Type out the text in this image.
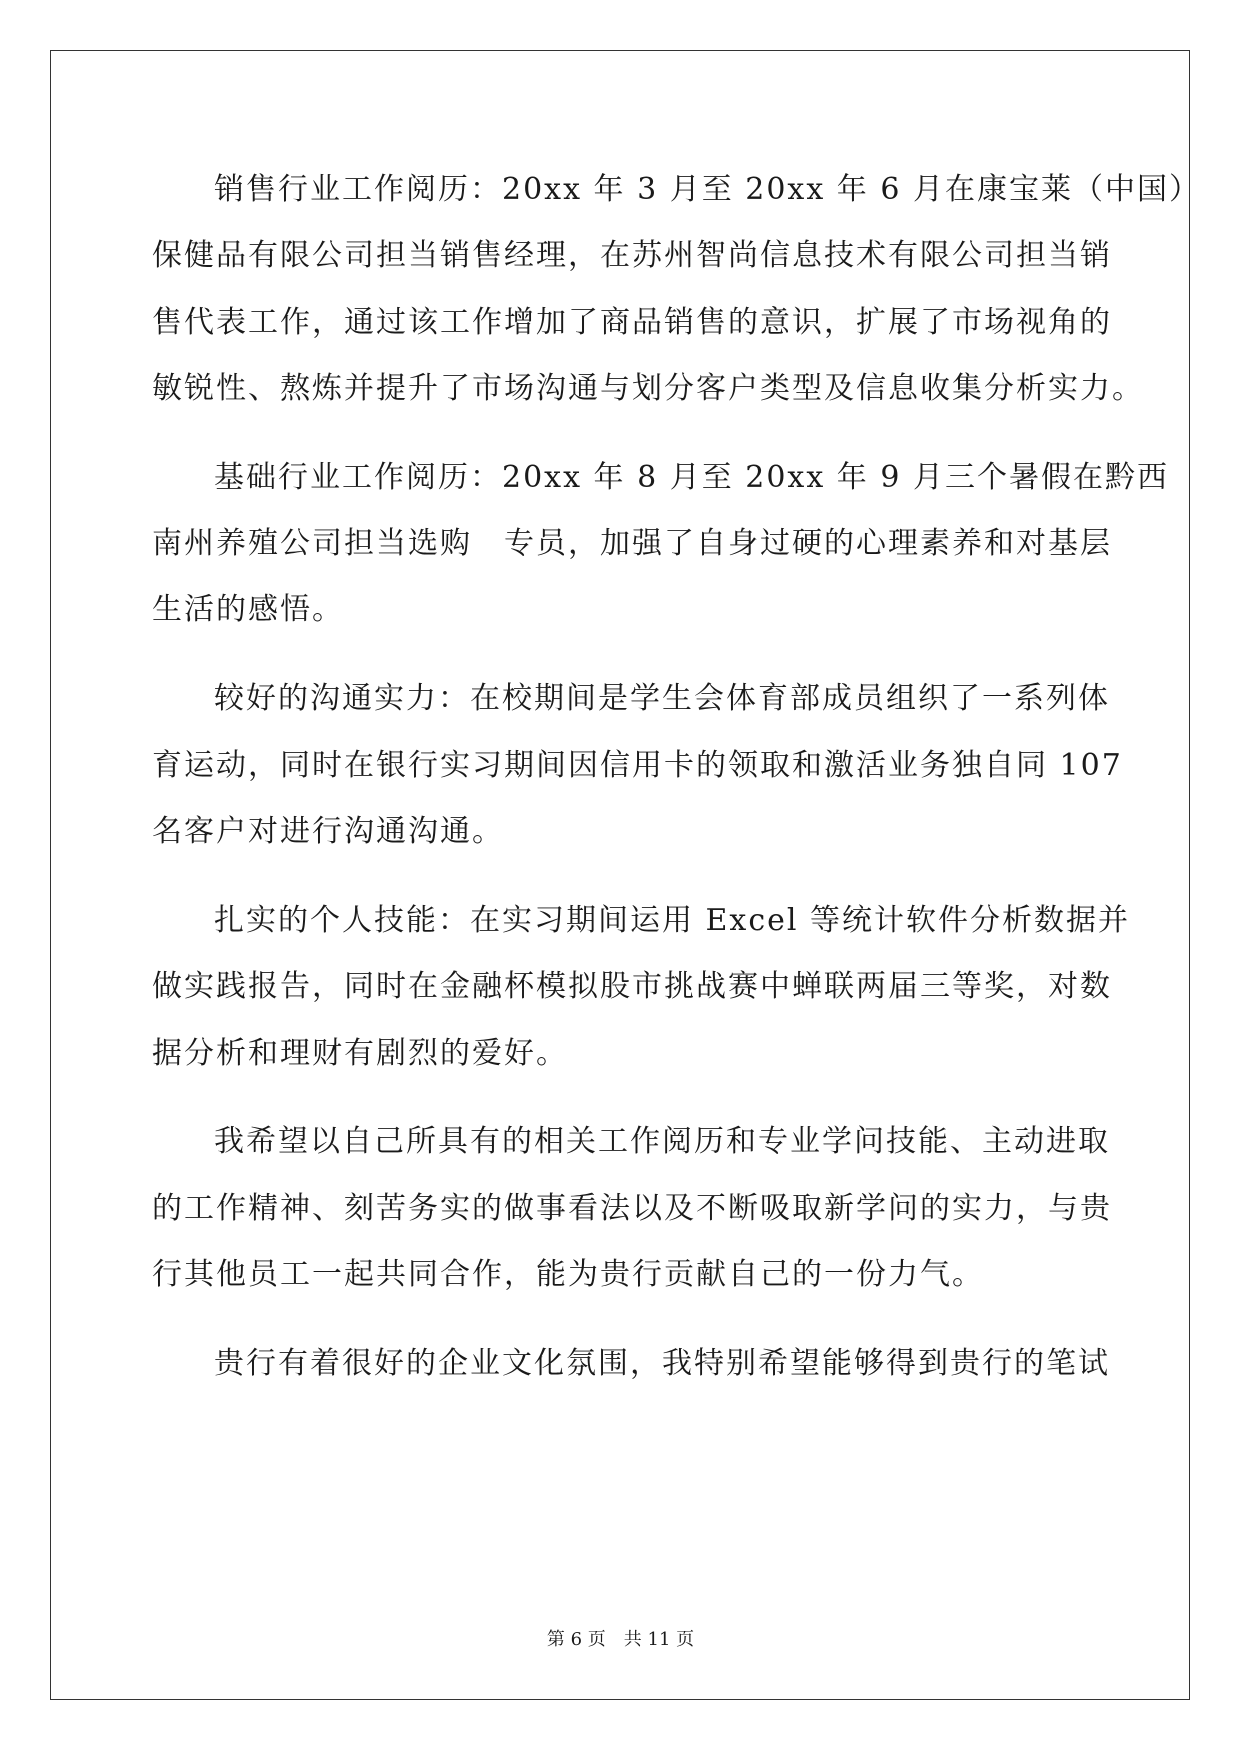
销售行业工作阅历：20xx 年 3 月至 20xx 年 6 月在康宝莱（中国）
保健品有限公司担当销售经理，在苏州智尚信息技术有限公司担当销
售代表工作，通过该工作增加了商品销售的意识，扩展了市场视角的
敏锐性、熬炼并提升了市场沟通与划分客户类型及信息收集分析实力。
基础行业工作阅历：20xx 年 8 月至 20xx 年 9 月三个暑假在黔西
南州养殖公司担当选购　专员，加强了自身过硬的心理素养和对基层
生活的感悟。
较好的沟通实力：在校期间是学生会体育部成员组织了一系列体
育运动，同时在银行实习期间因信用卡的领取和激活业务独自同 107
名客户对进行沟通沟通。
扎实的个人技能：在实习期间运用 Excel 等统计软件分析数据并
做实践报告，同时在金融杯模拟股市挑战赛中蝉联两届三等奖，对数
据分析和理财有剧烈的爱好。
我希望以自己所具有的相关工作阅历和专业学问技能、主动进取
的工作精神、刻苦务实的做事看法以及不断吸取新学问的实力，与贵
行其他员工一起共同合作，能为贵行贡献自己的一份力气。
贵行有着很好的企业文化氛围，我特别希望能够得到贵行的笔试
第 6 页　共 11 页
